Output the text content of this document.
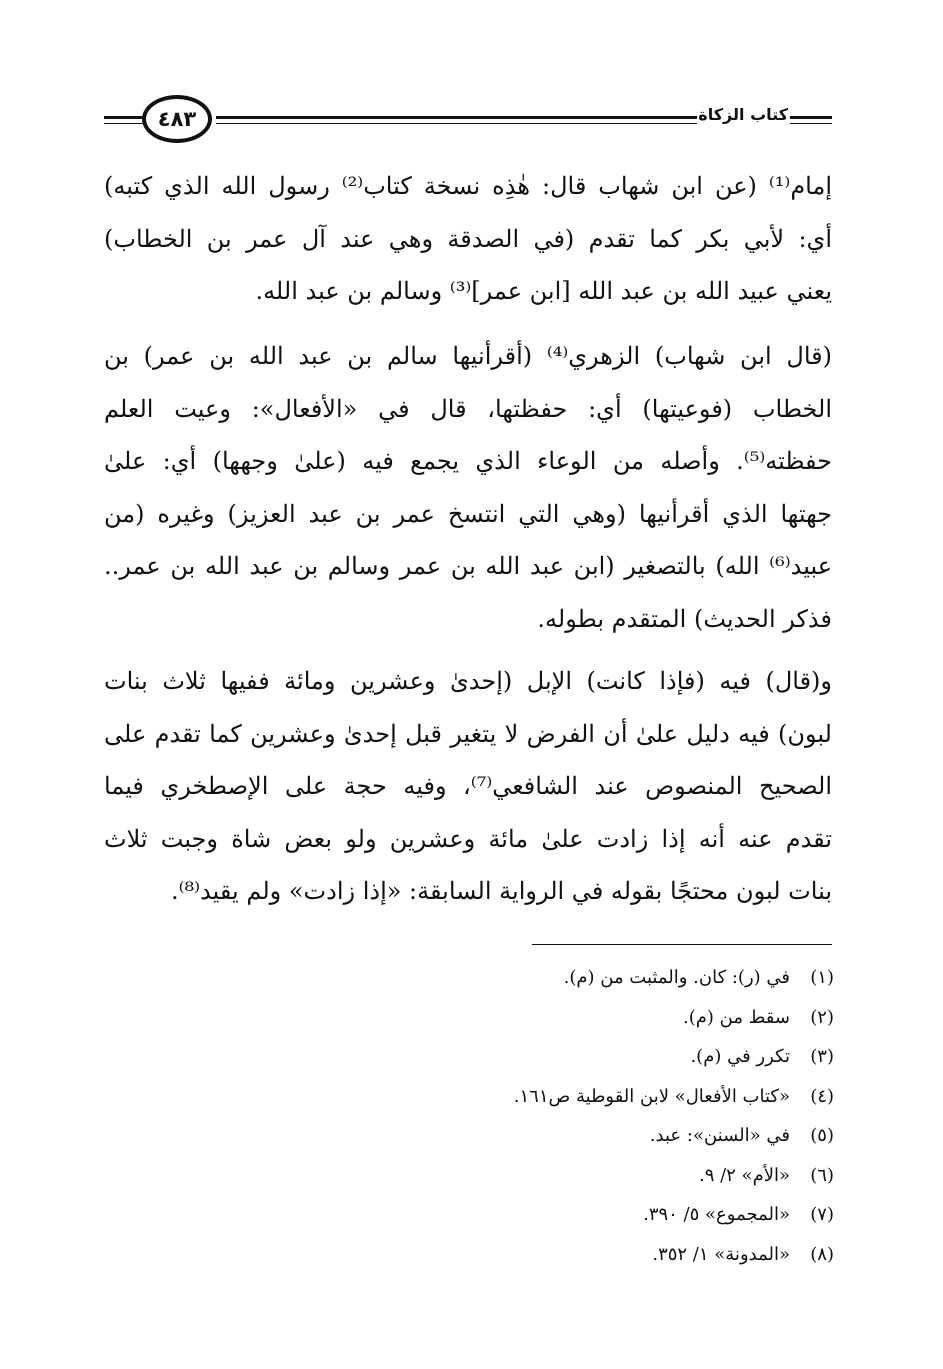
٤٨٣	كتاب الزكاة
إمام⁽¹⁾ (عن ابن شهاب قال: هٰذِه نسخة كتاب⁽²⁾ رسول الله الذي كتبه)
أي: لأبي بكر كما تقدم (في الصدقة وهي عند آل عمر بن الخطاب)
يعني عبيد الله بن عبد الله [ابن عمر]⁽³⁾ وسالم بن عبد الله.
(قال ابن شهاب) الزهري⁽⁴⁾ (أقرأنيها سالم بن عبد الله بن عمر) بن
الخطاب (فوعيتها) أي: حفظتها، قال في «الأفعال»: وعيت العلم
حفظته⁽⁵⁾. وأصله من الوعاء الذي يجمع فيه (علىٰ وجهها) أي: علىٰ
جهتها الذي أقرأنيها (وهي التي انتسخ عمر بن عبد العزيز) وغيره (من
عبيد⁽⁶⁾ الله) بالتصغير (ابن عبد الله بن عمر وسالم بن عبد الله بن عمر..
فذكر الحديث) المتقدم بطوله.
و(قال) فيه (فإذا كانت) الإبل (إحدىٰ وعشرين ومائة ففيها ثلاث بنات
لبون) فيه دليل علىٰ أن الفرض لا يتغير قبل إحدىٰ وعشرين كما تقدم على
الصحيح المنصوص عند الشافعي⁽⁷⁾، وفيه حجة على الإصطخري فيما
تقدم عنه أنه إذا زادت علىٰ مائة وعشرين ولو بعض شاة وجبت ثلاث
بنات لبون محتجًا بقوله في الرواية السابقة: «إذا زادت» ولم يقيد⁽⁸⁾.
(١)في (ر): كان. والمثبت من (م).
(٢)سقط من (م).
(٣)تكرر في (م).
(٤)«كتاب الأفعال» لابن القوطية ص١٦١.
(٥)في «السنن»: عبد.
(٦)«الأم» ٢/ ٩.
(٧)«المجموع» ٥/ ٣٩٠.
(٨)«المدونة» ١/ ٣٥٢.
